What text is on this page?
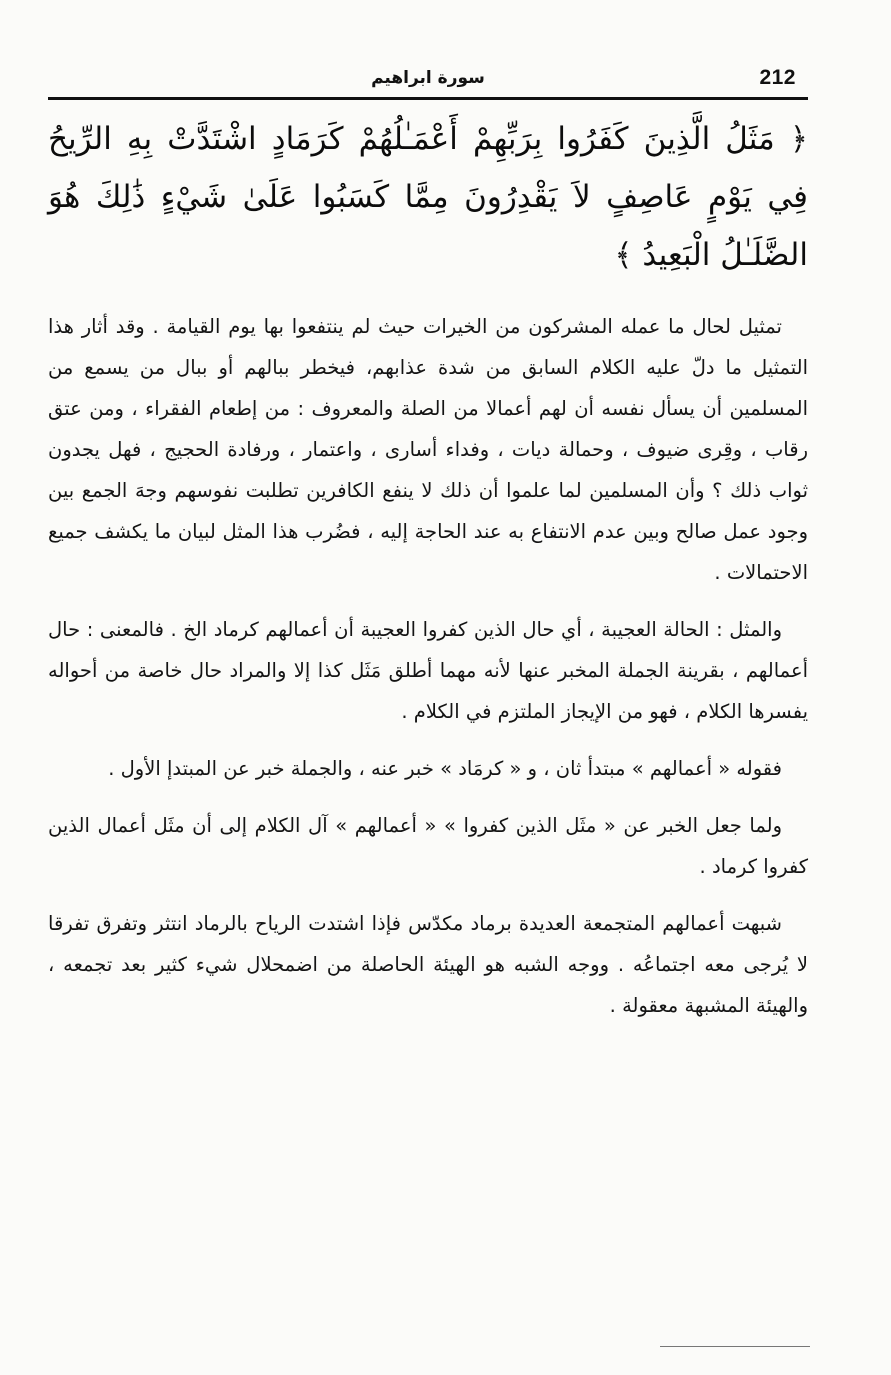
212
سورة ابراهيم

﴿ مَثَلُ الَّذِينَ كَفَرُوا بِرَبِّهِمْ أَعْمَـٰلُهُمْ كَرَمَادٍ اشْتَدَّتْ بِهِ الرِّيحُ فِي يَوْمٍ عَاصِفٍ لاَ يَقْدِرُونَ مِمَّا كَسَبُوا عَلَىٰ شَيْءٍ ذَٰلِكَ هُوَ الضَّلَـٰلُ الْبَعِيدُ ﴾

تمثيل لحال ما عمله المشركون من الخيرات حيث لم ينتفعوا بها يوم القيامة . وقد أثار هذا التمثيل ما دلّ عليه الكلام السابق من شدة عذابهم، فيخطر ببالهم أو ببال من يسمع من المسلمين أن يسأل نفسه أن لهم أعمالا من الصلة والمعروف : من إطعام الفقراء ، ومن عتق رقاب ، وقِرى ضيوف ، وحمالة ديات ، وفداء أسارى ، واعتمار ، ورفادة الحجيج ، فهل يجدون ثواب ذلك ؟ وأن المسلمين لما علموا أن ذلك لا ينفع الكافرين تطلبت نفوسهم وجهَ الجمع بين وجود عمل صالح وبين عدم الانتفاع به عند الحاجة إليه ، فضُرب هذا المثل لبيان ما يكشف جميع الاحتمالات .

والمثل : الحالة العجيبة ، أي حال الذين كفروا العجيبة أن أعمالهم كرماد الخ . فالمعنى : حال أعمالهم ، بقرينة الجملة المخبر عنها لأنه مهما أطلق مَثَل كذا إلا والمراد حال خاصة من أحواله يفسرها الكلام ، فهو من الإيجاز الملتزم في الكلام .

فقوله « أعمالهم » مبتدأ ثان ، و « كرمَاد » خبر عنه ، والجملة خبر عن المبتدإ الأول .

ولما جعل الخبر عن « مثَل الذين كفروا » « أعمالهم » آل الكلام إلى أن مثَل أعمال الذين كفروا كرماد .

شبهت أعمالهم المتجمعة العديدة برماد مكدّس فإذا اشتدت الرياح بالرماد انتثر وتفرق تفرقا لا يُرجى معه اجتماعُه . ووجه الشبه هو الهيئة الحاصلة من اضمحلال شيء كثير بعد تجمعه ، والهيئة المشبهة معقولة .
